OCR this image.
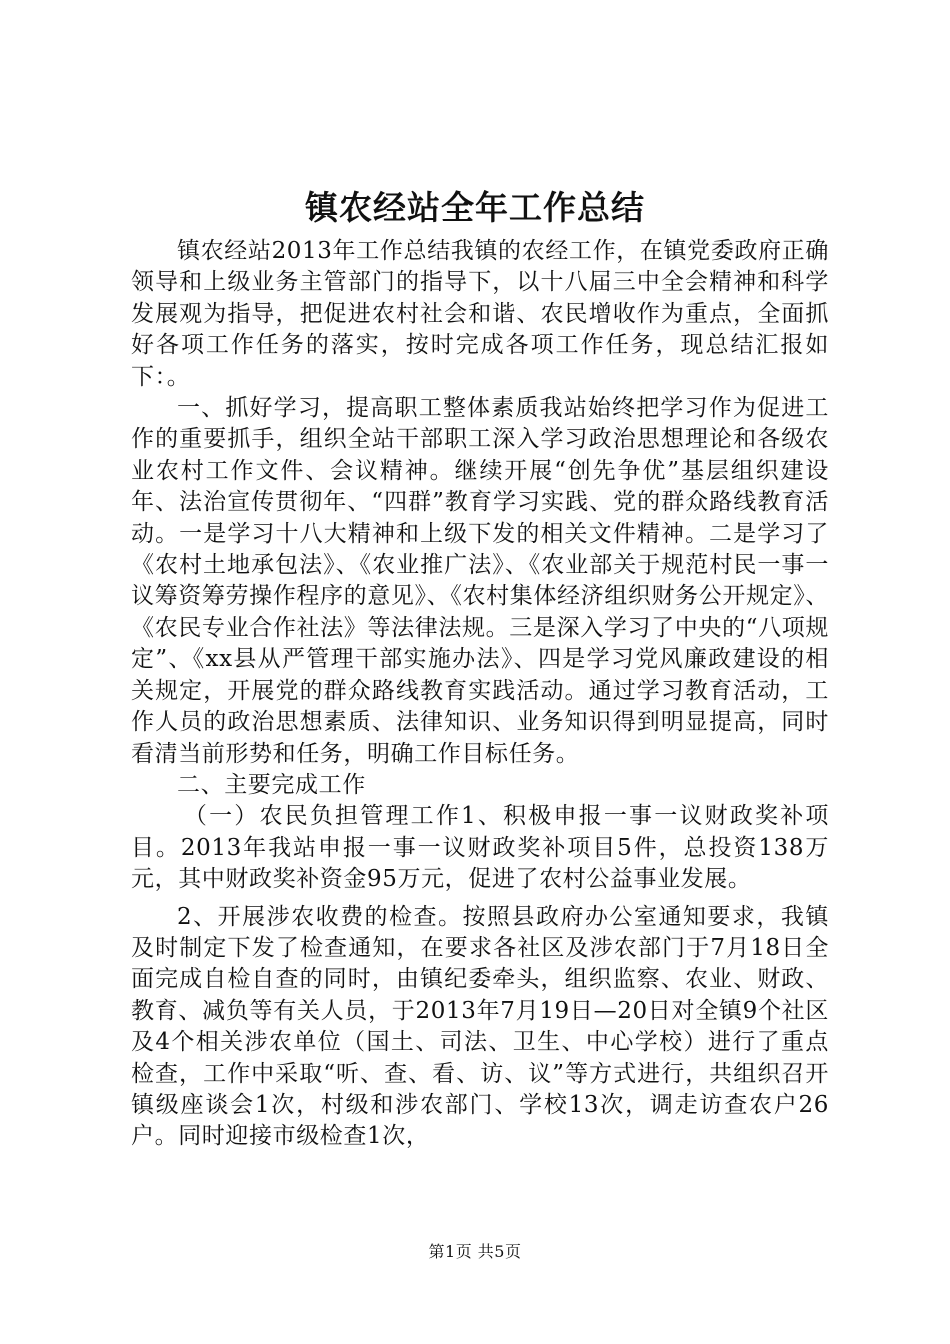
镇农经站全年工作总结

镇农经站2013年工作总结我镇的农经工作，在镇党委政府正确领导和上级业务主管部门的指导下，以十八届三中全会精神和科学发展观为指导，把促进农村社会和谐、农民增收作为重点，全面抓好各项工作任务的落实，按时完成各项工作任务，现总结汇报如下：。

一、抓好学习，提高职工整体素质我站始终把学习作为促进工作的重要抓手，组织全站干部职工深入学习政治思想理论和各级农业农村工作文件、会议精神。继续开展“创先争优”基层组织建设年、法治宣传贯彻年、“四群”教育学习实践、党的群众路线教育活动。一是学习十八大精神和上级下发的相关文件精神。二是学习了《农村土地承包法》、《农业推广法》、《农业部关于规范村民一事一议筹资筹劳操作程序的意见》、《农村集体经济组织财务公开规定》、《农民专业合作社法》等法律法规。三是深入学习了中央的“八项规定”、《xx县从严管理干部实施办法》、四是学习党风廉政建设的相关规定，开展党的群众路线教育实践活动。通过学习教育活动，工作人员的政治思想素质、法律知识、业务知识得到明显提高，同时看清当前形势和任务，明确工作目标任务。

二、主要完成工作

（一）农民负担管理工作1、积极申报一事一议财政奖补项目。2013年我站申报一事一议财政奖补项目5件，总投资138万元，其中财政奖补资金95万元，促进了农村公益事业发展。

2、开展涉农收费的检查。按照县政府办公室通知要求，我镇及时制定下发了检查通知，在要求各社区及涉农部门于7月18日全面完成自检自查的同时，由镇纪委牵头，组织监察、农业、财政、教育、减负等有关人员，于2013年7月19日—20日对全镇9个社区及4个相关涉农单位（国土、司法、卫生、中心学校）进行了重点检查，工作中采取“听、查、看、访、议”等方式进行，共组织召开镇级座谈会1次，村级和涉农部门、学校13次，调走访查农户26户。同时迎接市级检查1次，

第1页 共5页
